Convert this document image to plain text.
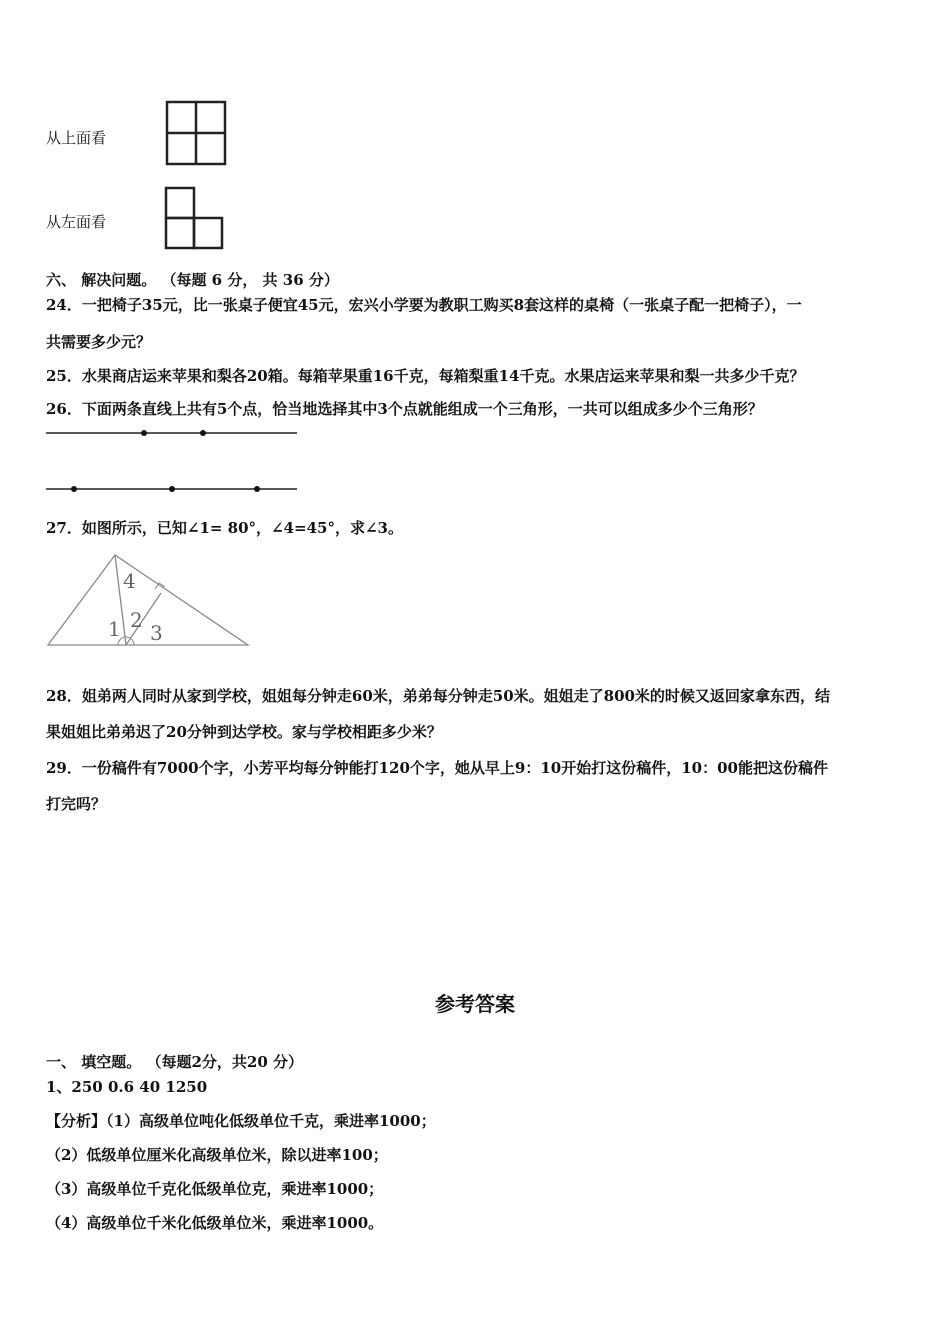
从上面看
从左面看
六、 解决问题。 （每题 6 分， 共 36 分）
24．一把椅子35元，比一张桌子便宜45元，宏兴小学要为教职工购买8套这样的桌椅（一张桌子配一把椅子），一
共需要多少元？
25．水果商店运来苹果和梨各20箱。每箱苹果重16千克，每箱梨重14千克。水果店运来苹果和梨一共多少千克？
26．下面两条直线上共有5个点，恰当地选择其中3个点就能组成一个三角形，一共可以组成多少个三角形？
27．如图所示，已知∠1= 80°，∠4=45°，求∠3。
4
2
1 3
28．姐弟两人同时从家到学校，姐姐每分钟走60米，弟弟每分钟走50米。姐姐走了800米的时候又返回家拿东西，结
果姐姐比弟弟迟了20分钟到达学校。家与学校相距多少米？
29．一份稿件有7000个字，小芳平均每分钟能打120个字，她从早上9：10开始打这份稿件，10：00能把这份稿件
打完吗？
参考答案
一、 填空题。 （每题2分，共20 分）
1、250 0.6 40 1250
【分析】（1）高级单位吨化低级单位千克，乘进率1000；
（2）低级单位厘米化高级单位米，除以进率100；
（3）高级单位千克化低级单位克，乘进率1000；
（4）高级单位千米化低级单位米，乘进率1000。
